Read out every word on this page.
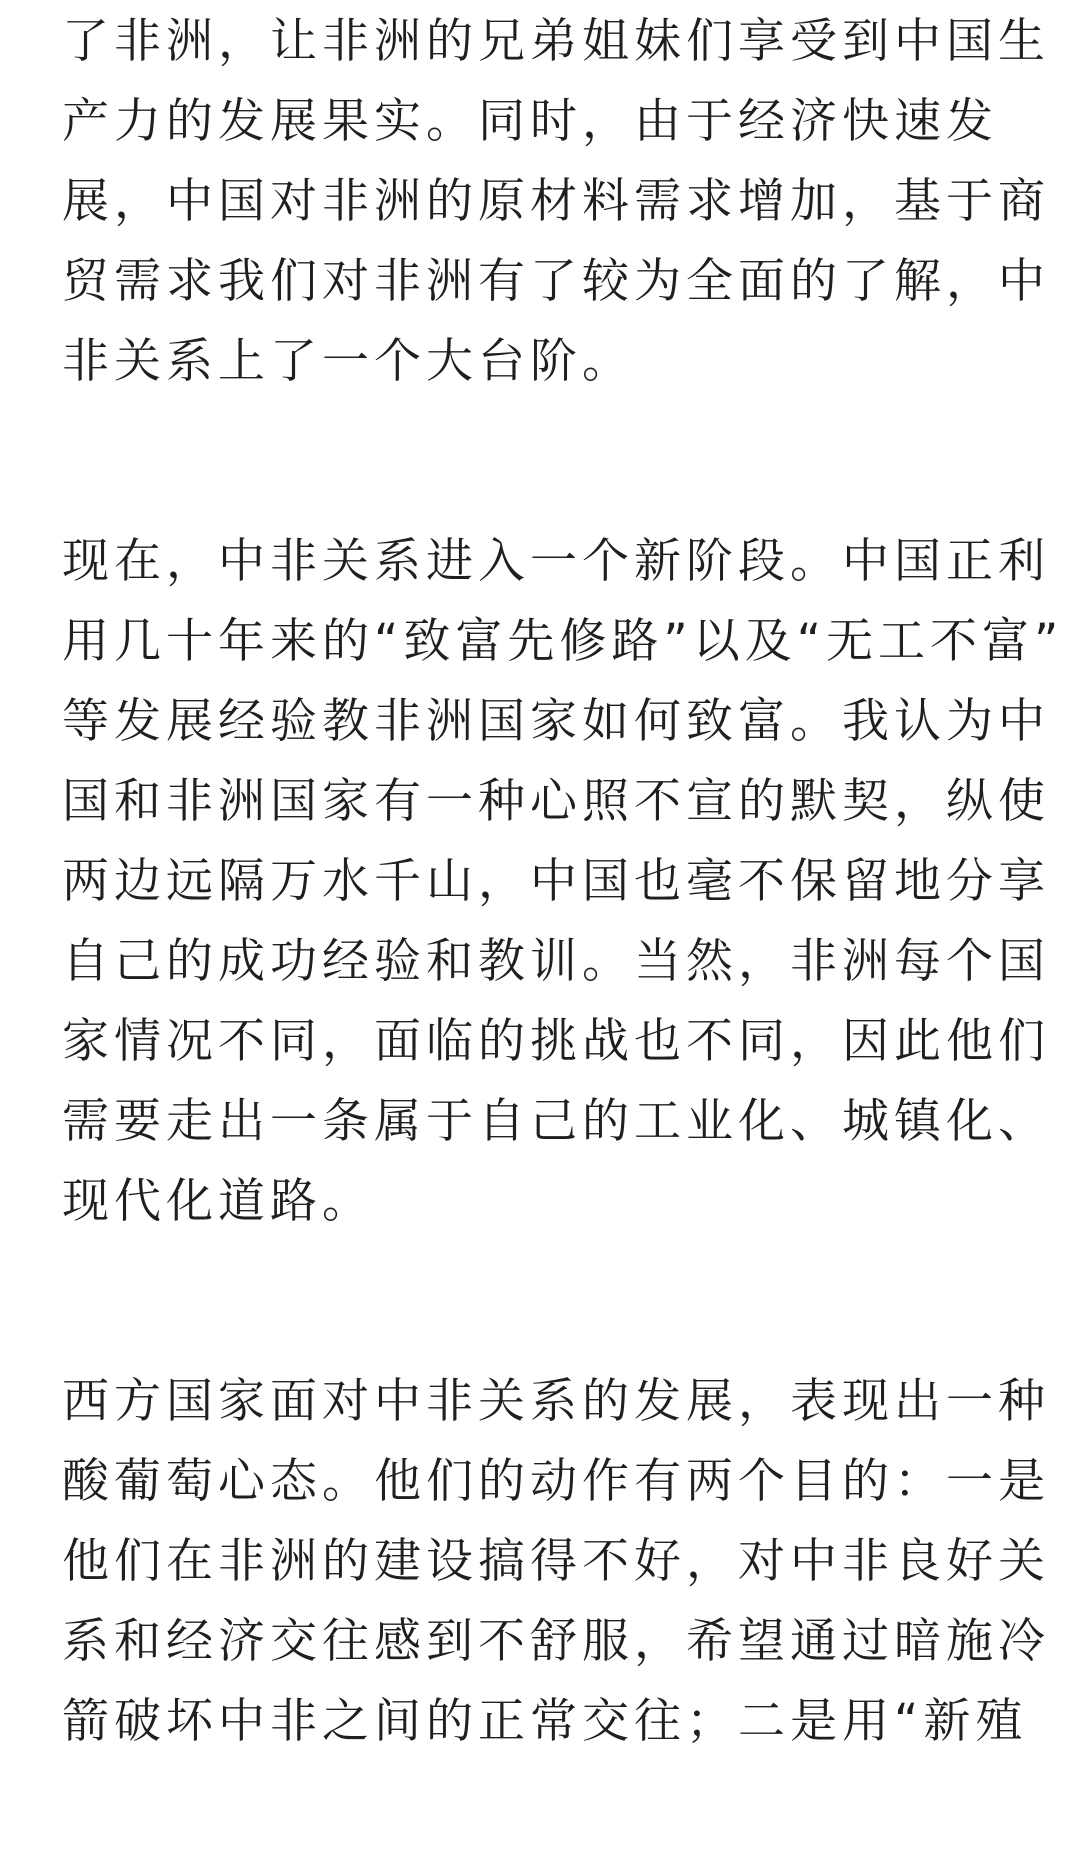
了非洲，让非洲的兄弟姐妹们享受到中国生
产力的发展果实。同时，由于经济快速发
展，中国对非洲的原材料需求增加，基于商
贸需求我们对非洲有了较为全面的了解，中
非关系上了一个大台阶。
现在，中非关系进入一个新阶段。中国正利
用几十年来的“致富先修路”以及“无工不富”
等发展经验教非洲国家如何致富。我认为中
国和非洲国家有一种心照不宣的默契，纵使
两边远隔万水千山，中国也毫不保留地分享
自己的成功经验和教训。当然，非洲每个国
家情况不同，面临的挑战也不同，因此他们
需要走出一条属于自己的工业化、城镇化、
现代化道路。
西方国家面对中非关系的发展，表现出一种
酸葡萄心态。他们的动作有两个目的：一是
他们在非洲的建设搞得不好，对中非良好关
系和经济交往感到不舒服，希望通过暗施冷
箭破坏中非之间的正常交往；二是用“新殖
